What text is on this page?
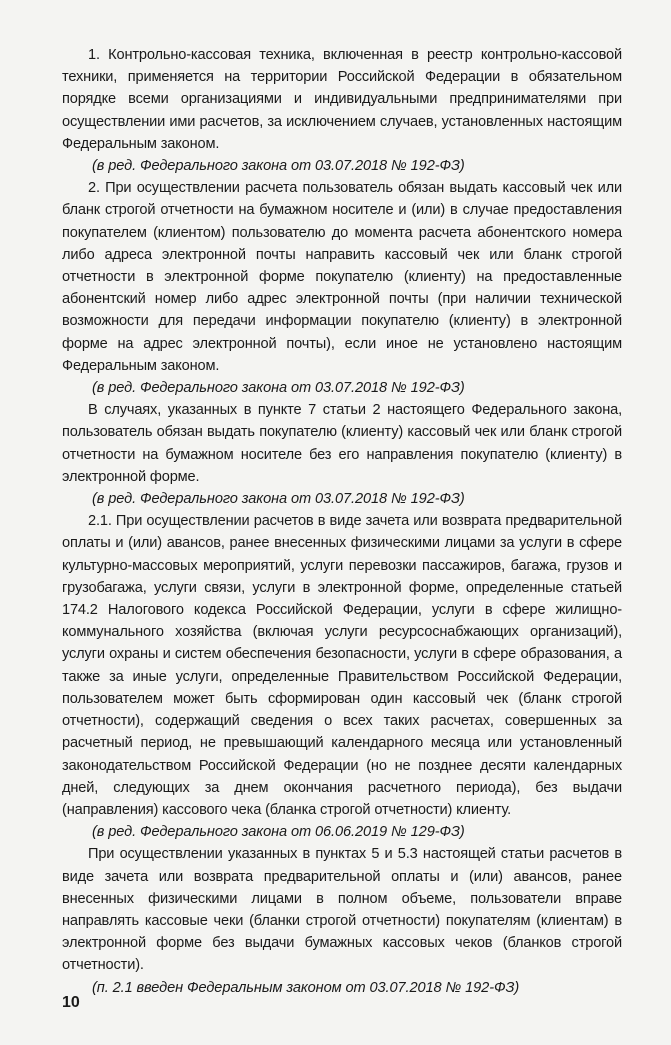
1. Контрольно-кассовая техника, включенная в реестр контрольно-кассовой техники, применяется на территории Российской Федерации в обязательном порядке всеми организациями и индивидуальными предпринимателями при осуществлении ими расчетов, за исключением случаев, установленных настоящим Федеральным законом.

(в ред. Федерального закона от 03.07.2018 № 192-ФЗ)

2. При осуществлении расчета пользователь обязан выдать кассовый чек или бланк строгой отчетности на бумажном носителе и (или) в случае предоставления покупателем (клиентом) пользователю до момента расчета абонентского номера либо адреса электронной почты направить кассовый чек или бланк строгой отчетности в электронной форме покупателю (клиенту) на предоставленные абонентский номер либо адрес электронной почты (при наличии технической возможности для передачи информации покупателю (клиенту) в электронной форме на адрес электронной почты), если иное не установлено настоящим Федеральным законом.

(в ред. Федерального закона от 03.07.2018 № 192-ФЗ)

В случаях, указанных в пункте 7 статьи 2 настоящего Федерального закона, пользователь обязан выдать покупателю (клиенту) кассовый чек или бланк строгой отчетности на бумажном носителе без его направления покупателю (клиенту) в электронной форме.

(в ред. Федерального закона от 03.07.2018 № 192-ФЗ)

2.1. При осуществлении расчетов в виде зачета или возврата предварительной оплаты и (или) авансов, ранее внесенных физическими лицами за услуги в сфере культурно-массовых мероприятий, услуги перевозки пассажиров, багажа, грузов и грузобагажа, услуги связи, услуги в электронной форме, определенные статьей 174.2 Налогового кодекса Российской Федерации, услуги в сфере жилищно-коммунального хозяйства (включая услуги ресурсоснабжающих организаций), услуги охраны и систем обеспечения безопасности, услуги в сфере образования, а также за иные услуги, определенные Правительством Российской Федерации, пользователем может быть сформирован один кассовый чек (бланк строгой отчетности), содержащий сведения о всех таких расчетах, совершенных за расчетный период, не превышающий календарного месяца или установленный законодательством Российской Федерации (но не позднее десяти календарных дней, следующих за днем окончания расчетного периода), без выдачи (направления) кассового чека (бланка строгой отчетности) клиенту.

(в ред. Федерального закона от 06.06.2019 № 129-ФЗ)

При осуществлении указанных в пунктах 5 и 5.3 настоящей статьи расчетов в виде зачета или возврата предварительной оплаты и (или) авансов, ранее внесенных физическими лицами в полном объеме, пользователи вправе направлять кассовые чеки (бланки строгой отчетности) покупателям (клиентам) в электронной форме без выдачи бумажных кассовых чеков (бланков строгой отчетности).

(п. 2.1 введен Федеральным законом от 03.07.2018 № 192-ФЗ)

10
